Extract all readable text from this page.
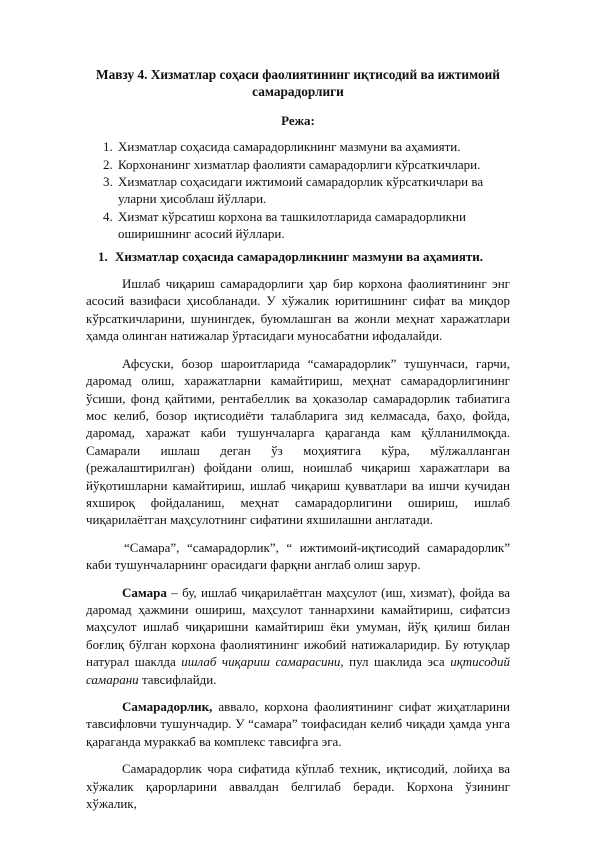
Мавзу 4. Хизматлар соҳаси фаолиятининг иқтисодий ва ижтимоий самарадорлиги
Режа:
1. Хизматлар соҳасида самарадорликнинг мазмуни ва аҳамияти.
2. Корхонанинг хизматлар фаолияти самарадорлиги кўрсаткичлари.
3. Хизматлар соҳасидаги ижтимоий самарадорлик кўрсаткичлари ва уларни ҳисоблаш йўллари.
4. Хизмат кўрсатиш корхона ва ташкилотларида самарадорликни оширишнинг асосий йўллари.
1. Хизматлар соҳасида самарадорликнинг мазмуни ва аҳамияти.

Ишлаб чиқариш самарадорлиги ҳар бир корхона фаолиятининг энг асосий вазифаси ҳисобланади. У хўжалик юритишнинг сифат ва миқдор кўрсаткичларини, шунингдек, буюмлашган ва жонли меҳнат харажатлари ҳамда олинган натижалар ўртасидаги муносабатни ифодалайди.

Афсуски, бозор шароитларида “самарадорлик” тушунчаси, гарчи, даромад олиш, харажатларни камайтириш, меҳнат самарадорлигининг ўсиши, фонд қайтими, рентабеллик ва ҳоказолар самарадорлик табиатига мос келиб, бозор иқтисодиёти талабларига зид келмасада, баҳо, фойда, даромад, харажат каби тушунчаларга қараганда кам қўлланилмоқда. Самарали ишлаш деган ўз моҳиятига кўра, мўлжалланган (режалаштирилган) фойдани олиш, ноишлаб чиқариш харажатлари ва йўқотишларни камайтириш, ишлаб чиқариш қувватлари ва ишчи кучидан яхшироқ фойдаланиш, меҳнат самарадорлигини ошириш, ишлаб чиқарилаётган маҳсулотнинг сифатини яхшилашни англатади.

“Самара”, “самарадорлик”, “ ижтимоий-иқтисодий самарадорлик” каби тушунчаларнинг орасидаги фарқни англаб олиш зарур.

Самара – бу, ишлаб чиқарилаётган маҳсулот (иш, хизмат), фойда ва даромад ҳажмини ошириш, маҳсулот таннархини камайтириш, сифатсиз маҳсулот ишлаб чиқаришни камайтириш ёки умуман, йўқ қилиш билан боғлиқ бўлган корхона фаолиятининг ижобий натижаларидир. Бу ютуқлар натурал шаклда ишлаб чиқариш самарасини, пул шаклида эса иқтисодий самарани тавсифлайди.

Самарадорлик, аввало, корхона фаолиятининг сифат жиҳатларини тавсифловчи тушунчадир. У “самара” тоифасидан келиб чиқади ҳамда унга қараганда мураккаб ва комплекс тавсифга эга.

Самарадорлик чора сифатида кўплаб техник, иқтисодий, лойиҳа ва хўжалик қарорларини аввалдан белгилаб беради. Корхона ўзининг хўжалик,
